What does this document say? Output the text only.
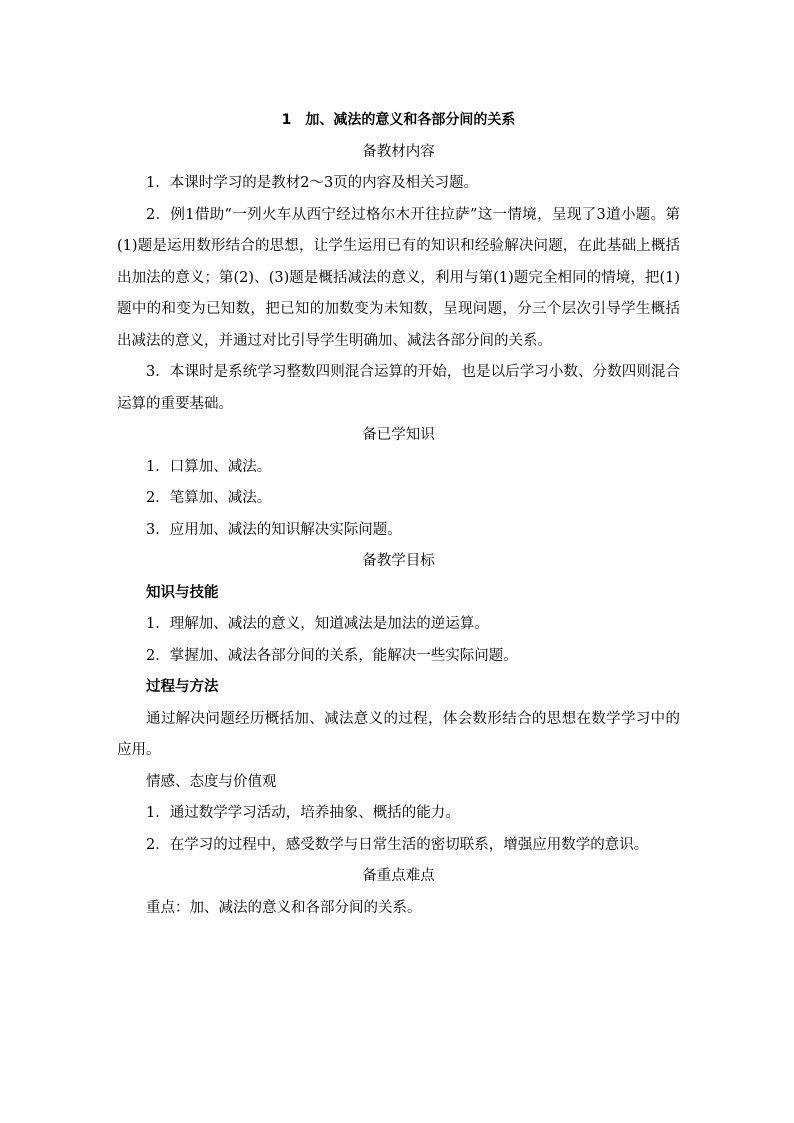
1　加、减法的意义和各部分间的关系

备教材内容

1．本课时学习的是教材2～3页的内容及相关习题。

2．例1借助“一列火车从西宁经过格尔木开往拉萨”这一情境，呈现了3道小题。第(1)题是运用数形结合的思想，让学生运用已有的知识和经验解决问题，在此基础上概括出加法的意义；第(2)、(3)题是概括减法的意义，利用与第(1)题完全相同的情境，把(1)题中的和变为已知数，把已知的加数变为未知数，呈现问题，分三个层次引导学生概括出减法的意义，并通过对比引导学生明确加、减法各部分间的关系。

3．本课时是系统学习整数四则混合运算的开始，也是以后学习小数、分数四则混合运算的重要基础。

备已学知识

1．口算加、减法。

2．笔算加、减法。

3．应用加、减法的知识解决实际问题。

备教学目标

知识与技能

1．理解加、减法的意义，知道减法是加法的逆运算。

2．掌握加、减法各部分间的关系，能解决一些实际问题。

过程与方法

通过解决问题经历概括加、减法意义的过程，体会数形结合的思想在数学学习中的应用。

情感、态度与价值观

1．通过数学学习活动，培养抽象、概括的能力。

2．在学习的过程中，感受数学与日常生活的密切联系，增强应用数学的意识。

备重点难点

重点：加、减法的意义和各部分间的关系。
